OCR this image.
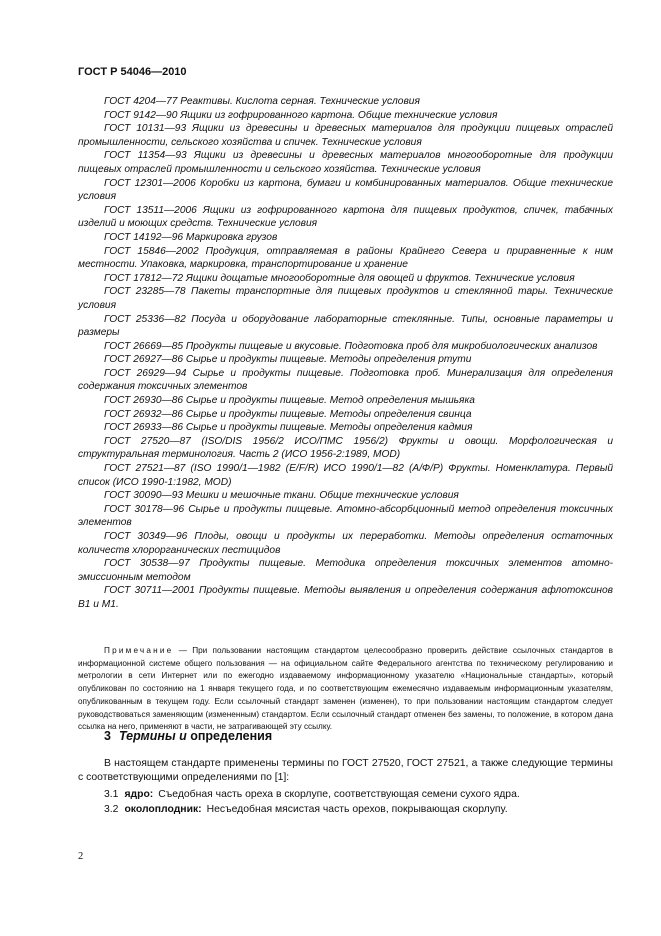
ГОСТ Р 54046—2010

ГОСТ 4204—77 Реактивы. Кислота серная. Технические условия

ГОСТ 9142—90 Ящики из гофрированного картона. Общие технические условия

ГОСТ 10131—93 Ящики из древесины и древесных материалов для продукции пищевых отраслей промышленности, сельского хозяйства и спичек. Технические условия

ГОСТ 11354—93 Ящики из древесины и древесных материалов многооборотные для продукции пищевых отраслей промышленности и сельского хозяйства. Технические условия

ГОСТ 12301—2006 Коробки из картона, бумаги и комбинированных материалов. Общие технические условия

ГОСТ 13511—2006 Ящики из гофрированного картона для пищевых продуктов, спичек, табачных изделий и моющих средств. Технические условия

ГОСТ 14192—96 Маркировка грузов

ГОСТ 15846—2002 Продукция, отправляемая в районы Крайнего Севера и приравненные к ним местности. Упаковка, маркировка, транспортирование и хранение

ГОСТ 17812—72 Ящики дощатые многооборотные для овощей и фруктов. Технические условия

ГОСТ 23285—78 Пакеты транспортные для пищевых продуктов и стеклянной тары. Технические условия

ГОСТ 25336—82 Посуда и оборудование лабораторные стеклянные. Типы, основные параметры и размеры

ГОСТ 26669—85 Продукты пищевые и вкусовые. Подготовка проб для микробиологических анализов

ГОСТ 26927—86 Сырье и продукты пищевые. Методы определения ртути

ГОСТ 26929—94 Сырье и продукты пищевые. Подготовка проб. Минерализация для определения содержания токсичных элементов

ГОСТ 26930—86 Сырье и продукты пищевые. Метод определения мышьяка

ГОСТ 26932—86 Сырье и продукты пищевые. Методы определения свинца

ГОСТ 26933—86 Сырье и продукты пищевые. Методы определения кадмия

ГОСТ 27520—87 (ISO/DIS 1956/2 ИСО/ПМС 1956/2) Фрукты и овощи. Морфологическая и структуральная терминология. Часть 2 (ИСО 1956-2:1989, MOD)

ГОСТ 27521—87 (ISO 1990/1—1982 (E/F/R) ИСО 1990/1—82 (А/Ф/Р) Фрукты. Номенклатура. Первый список (ИСО 1990-1:1982, MOD)

ГОСТ 30090—93 Мешки и мешочные ткани. Общие технические условия

ГОСТ 30178—96 Сырье и продукты пищевые. Атомно-абсорбционный метод определения токсичных элементов

ГОСТ 30349—96 Плоды, овощи и продукты их переработки. Методы определения остаточных количеств хлорорганических пестицидов

ГОСТ 30538—97 Продукты пищевые. Методика определения токсичных элементов атомно-эмиссионным методом

ГОСТ 30711—2001 Продукты пищевые. Методы выявления и определения содержания афлотоксинов В1 и М1.

Примечание — При пользовании настоящим стандартом целесообразно проверить действие ссылочных стандартов в информационной системе общего пользования — на официальном сайте Федерального агентства по техническому регулированию и метрологии в сети Интернет или по ежегодно издаваемому информационному указателю «Национальные стандарты», который опубликован по состоянию на 1 января текущего года, и по соответствующим ежемесячно издаваемым информационным указателям, опубликованным в текущем году. Если ссылочный стандарт заменен (изменен), то при пользовании настоящим стандартом следует руководствоваться заменяющим (измененным) стандартом. Если ссылочный стандарт отменен без замены, то положение, в котором дана ссылка на него, применяют в части, не затрагивающей эту ссылку.

3 Термины и определения

В настоящем стандарте применены термины по ГОСТ 27520, ГОСТ 27521, а также следующие термины с соответствующими определениями по [1]:

3.1 ядро: Съедобная часть ореха в скорлупе, соответствующая семени сухого ядра.
3.2 околоплодник: Несъедобная мясистая часть орехов, покрывающая скорлупу.
2
